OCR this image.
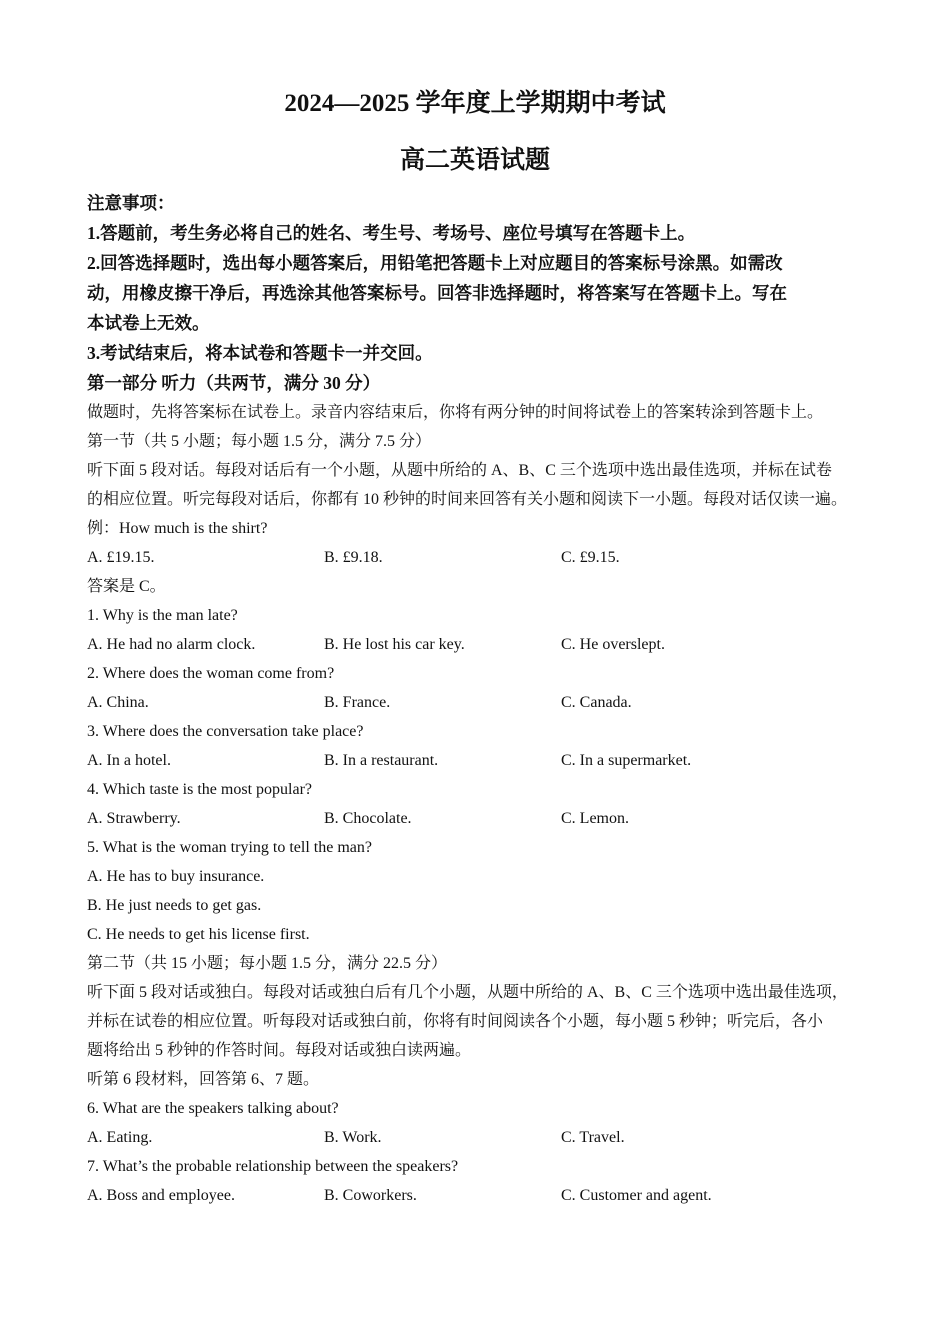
2024—2025 学年度上学期期中考试
高二英语试题
注意事项：
1.答题前，考生务必将自己的姓名、考生号、考场号、座位号填写在答题卡上。
2.回答选择题时，选出每小题答案后，用铅笔把答题卡上对应题目的答案标号涂黑。如需改
动，用橡皮擦干净后，再选涂其他答案标号。回答非选择题时，将答案写在答题卡上。写在
本试卷上无效。
3.考试结束后，将本试卷和答题卡一并交回。
第一部分 听力（共两节，满分 30 分）
做题时，先将答案标在试卷上。录音内容结束后，你将有两分钟的时间将试卷上的答案转涂到答题卡上。
第一节（共 5 小题；每小题 1.5 分，满分 7.5 分）
听下面 5 段对话。每段对话后有一个小题，从题中所给的 A、B、C 三个选项中选出最佳选项，并标在试卷
的相应位置。听完每段对话后，你都有 10 秒钟的时间来回答有关小题和阅读下一小题。每段对话仅读一遍。
例：How much is the shirt?
A. £19.15.	B. £9.18.	C. £9.15.
答案是 C。
1. Why is the man late?
A. He had no alarm clock.	B. He lost his car key.	C. He overslept.
2. Where does the woman come from?
A. China.	B. France.	C. Canada.
3. Where does the conversation take place?
A. In a hotel.	B. In a restaurant.	C. In a supermarket.
4. Which taste is the most popular?
A. Strawberry.	B. Chocolate.	C. Lemon.
5. What is the woman trying to tell the man?
A. He has to buy insurance.
B. He just needs to get gas.
C. He needs to get his license first.
第二节（共 15 小题；每小题 1.5 分，满分 22.5 分）
听下面 5 段对话或独白。每段对话或独白后有几个小题，从题中所给的 A、B、C 三个选项中选出最佳选项，
并标在试卷的相应位置。听每段对话或独白前，你将有时间阅读各个小题，每小题 5 秒钟；听完后，各小
题将给出 5 秒钟的作答时间。每段对话或独白读两遍。
听第 6 段材料，回答第 6、7 题。
6. What are the speakers talking about?
A. Eating.	B. Work.	C. Travel.
7. What’s the probable relationship between the speakers?
A. Boss and employee.	B. Coworkers.	C. Customer and agent.
